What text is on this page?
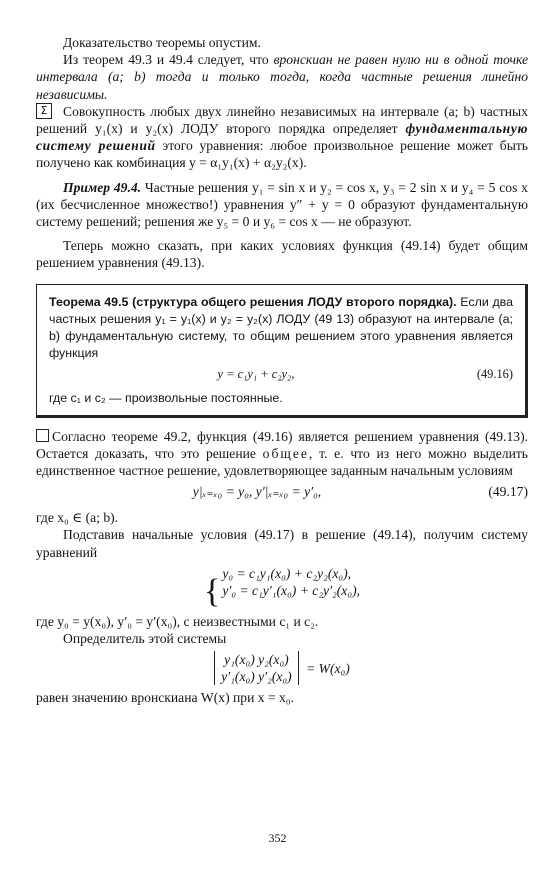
Доказательство теоремы опустим.

Из теорем 49.3 и 49.4 следует, что вронскиан не равен нулю ни в одной точке интервала (a; b) тогда и только тогда, когда частные решения линейно независимы.

Σ	Совокупность любых двух линейно независимых на интервале (a; b) частных решений y₁(x) и y₂(x) ЛОДУ второго порядка определяет фундаментальную систему решений этого уравнения: любое произвольное решение может быть получено как комбинация y = α₁y₁(x) + α₂y₂(x).

Пример 49.4. Частные решения y₁ = sin x и y₂ = cos x, y₃ = 2 sin x и y₄ = 5 cos x (их бесчисленное множество!) уравнения y″ + y = 0 образуют фундаментальную систему решений; решения же y₅ = 0 и y₆ = cos x — не образуют.

Теперь можно сказать, при каких условиях функция (49.14) будет общим решением уравнения (49.13).

Теорема 49.5 (структура общего решения ЛОДУ второго порядка). Если два частных решения y₁ = y₁(x) и y₂ = y₂(x) ЛОДУ (49 13) образуют на интервале (a; b) фундаментальную систему, то общим решением этого уравнения является функция

y = c₁y₁ + c₂y₂,	(49.16)

где c₁ и c₂ — произвольные постоянные.

Согласно теореме 49.2, функция (49.16) является решением уравнения (49.13). Остается доказать, что это решение общее, т. е. что из него можно выделить единственное частное решение, удовлетворяющее заданным начальным условиям

y|ₓ₌ₓ₀ = y₀, y′|ₓ₌ₓ₀ = y′₀,	(49.17)

где x₀ ∈ (a; b).

Подставив начальные условия (49.17) в решение (49.14), получим систему уравнений

{ y₀ = c₁y₁(x₀) + c₂y₂(x₀),
y′₀ = c₁y′₁(x₀) + c₂y′₂(x₀),

где y₀ = y(x₀), y′₀ = y′(x₀), с неизвестными c₁ и c₂.

Определитель этой системы

y₁(x₀) y₂(x₀)
y′₁(x₀) y′₂(x₀)
= W(x₀)

равен значению вронскиана W(x) при x = x₀.

352
